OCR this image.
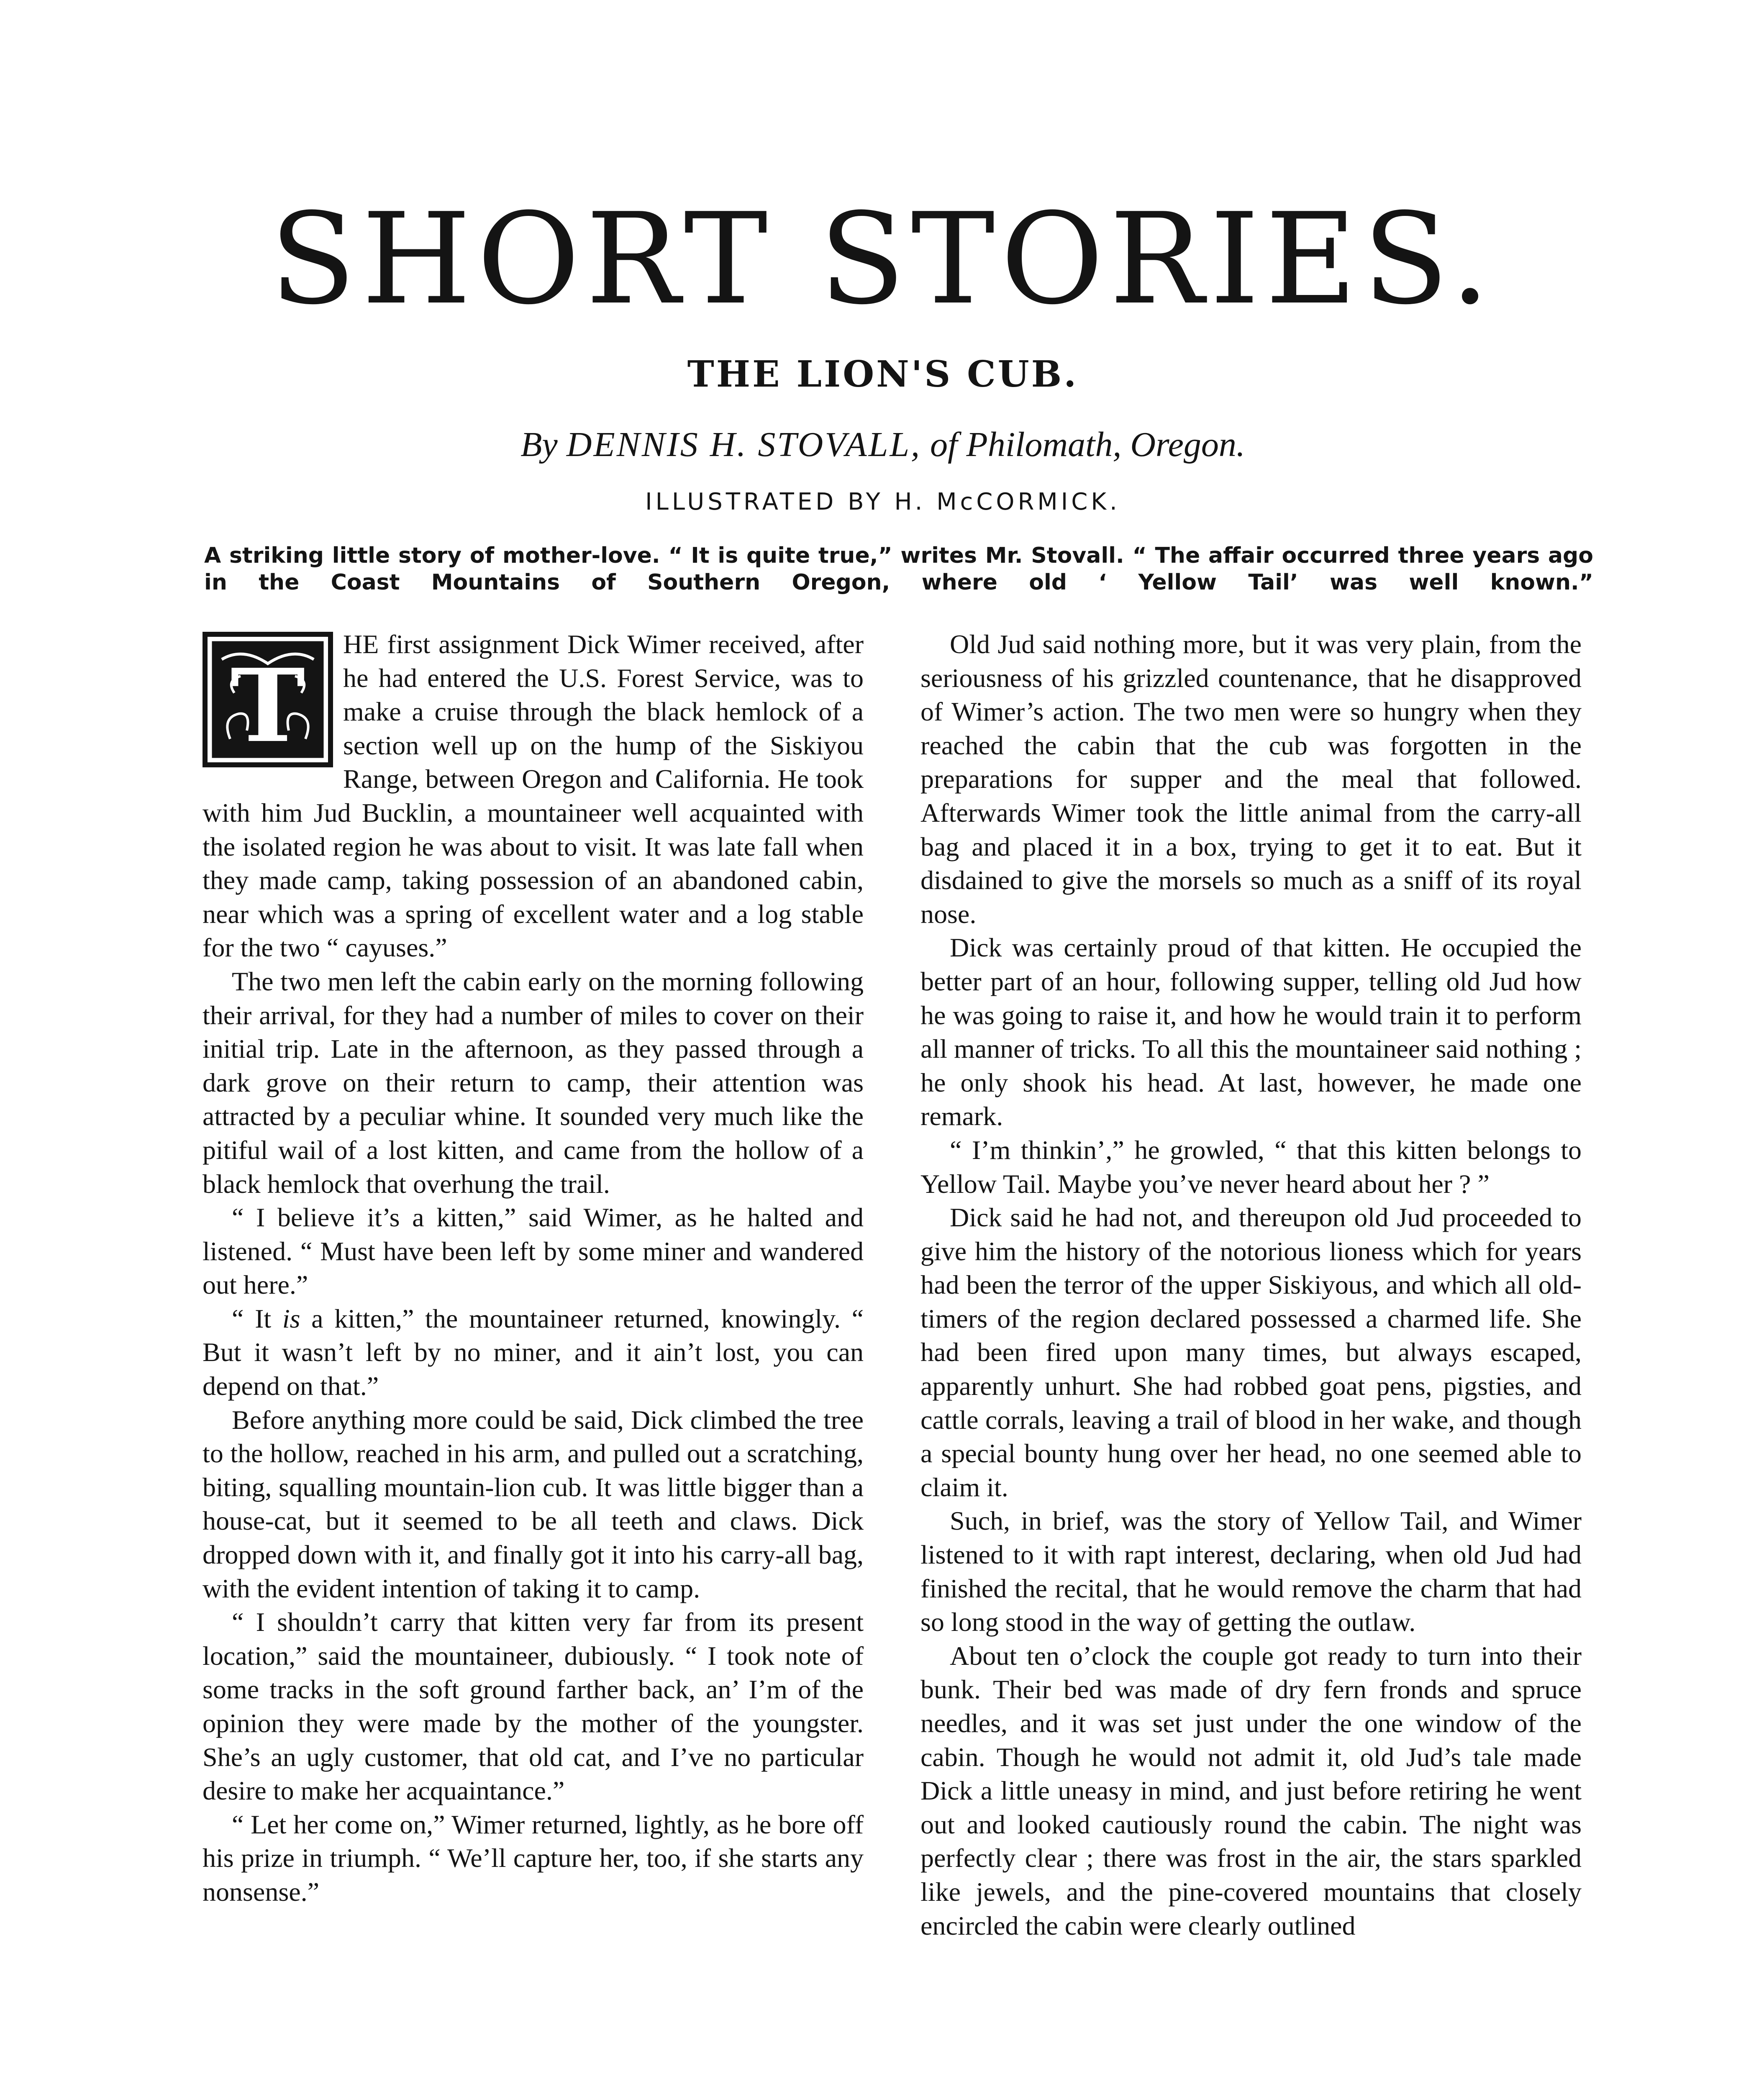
SHORT STORIES.
THE LION'S CUB.
By DENNIS H. STOVALL, of Philomath, Oregon.
ILLUSTRATED BY H. McCORMICK.

A striking little story of mother-love. “ It is quite true,” writes Mr. Stovall. “ The affair occurred three years ago in the Coast Mountains of Southern Oregon, where old ‘ Yellow Tail’ was well known.”

T
HE first assignment Dick Wimer received, after he had entered the U.S. Forest Service, was to make a cruise through the black hemlock of a section well up on the hump of the Siskiyou Range, between Oregon and California. He took with him Jud Bucklin, a mountaineer well acquainted with the isolated region he was about to visit. It was late fall when they made camp, taking possession of an abandoned cabin, near which was a spring of excellent water and a log stable for the two “ cayuses.”

The two men left the cabin early on the morning following their arrival, for they had a number of miles to cover on their initial trip. Late in the afternoon, as they passed through a dark grove on their return to camp, their attention was attracted by a peculiar whine. It sounded very much like the pitiful wail of a lost kitten, and came from the hollow of a black hemlock that overhung the trail.

“ I believe it’s a kitten,” said Wimer, as he halted and listened. “ Must have been left by some miner and wandered out here.”

“ It is a kitten,” the mountaineer returned, knowingly. “ But it wasn’t left by no miner, and it ain’t lost, you can depend on that.”

Before anything more could be said, Dick climbed the tree to the hollow, reached in his arm, and pulled out a scratching, biting, squalling mountain-lion cub. It was little bigger than a house-cat, but it seemed to be all teeth and claws. Dick dropped down with it, and finally got it into his carry-all bag, with the evident intention of taking it to camp.

“ I shouldn’t carry that kitten very far from its present location,” said the mountaineer, dubiously. “ I took note of some tracks in the soft ground farther back, an’ I’m of the opinion they were made by the mother of the youngster. She’s an ugly customer, that old cat, and I’ve no particular desire to make her acquaintance.”

“ Let her come on,” Wimer returned, lightly, as he bore off his prize in triumph. “ We’ll capture her, too, if she starts any nonsense.”

Old Jud said nothing more, but it was very plain, from the seriousness of his grizzled countenance, that he disapproved of Wimer’s action. The two men were so hungry when they reached the cabin that the cub was forgotten in the preparations for supper and the meal that followed. Afterwards Wimer took the little animal from the carry-all bag and placed it in a box, trying to get it to eat. But it disdained to give the morsels so much as a sniff of its royal nose.

Dick was certainly proud of that kitten. He occupied the better part of an hour, following supper, telling old Jud how he was going to raise it, and how he would train it to perform all manner of tricks. To all this the mountaineer said nothing ; he only shook his head. At last, however, he made one remark.

“ I’m thinkin’,” he growled, “ that this kitten belongs to Yellow Tail. Maybe you’ve never heard about her ? ”

Dick said he had not, and thereupon old Jud proceeded to give him the history of the notorious lioness which for years had been the terror of the upper Siskiyous, and which all old-timers of the region declared possessed a charmed life. She had been fired upon many times, but always escaped, apparently unhurt. She had robbed goat pens, pigsties, and cattle corrals, leaving a trail of blood in her wake, and though a special bounty hung over her head, no one seemed able to claim it.

Such, in brief, was the story of Yellow Tail, and Wimer listened to it with rapt interest, declaring, when old Jud had finished the recital, that he would remove the charm that had so long stood in the way of getting the outlaw.

About ten o’clock the couple got ready to turn into their bunk. Their bed was made of dry fern fronds and spruce needles, and it was set just under the one window of the cabin. Though he would not admit it, old Jud’s tale made Dick a little uneasy in mind, and just before retiring he went out and looked cautiously round the cabin. The night was perfectly clear ; there was frost in the air, the stars sparkled like jewels, and the pine-covered mountains that closely encircled the cabin were clearly outlined
